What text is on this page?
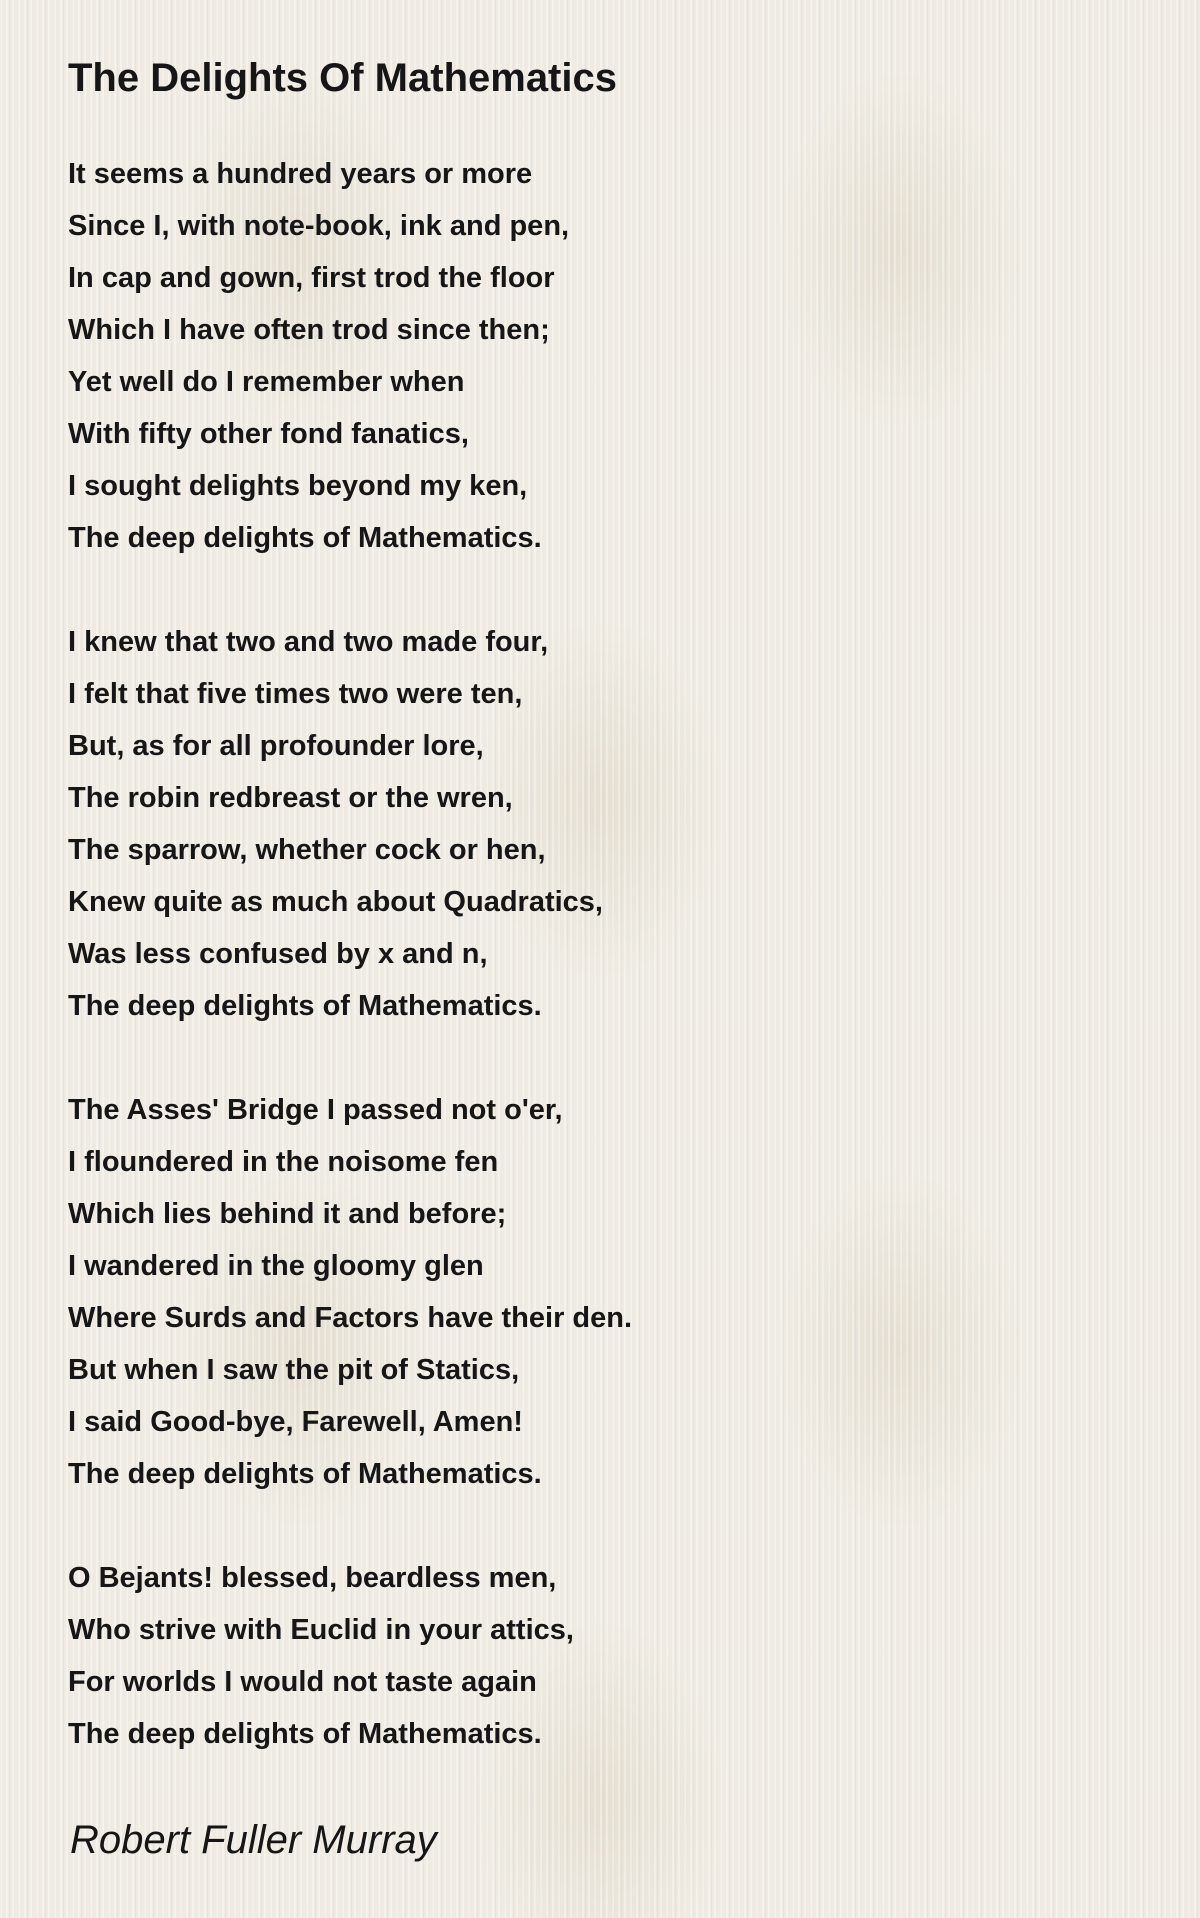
The Delights Of Mathematics
It seems a hundred years or more
Since I, with note-book, ink and pen,
In cap and gown, first trod the floor
Which I have often trod since then;
Yet well do I remember when
With fifty other fond fanatics,
I sought delights beyond my ken,
The deep delights of Mathematics.
I knew that two and two made four,
I felt that five times two were ten,
But, as for all profounder lore,
The robin redbreast or the wren,
The sparrow, whether cock or hen,
Knew quite as much about Quadratics,
Was less confused by x and n,
The deep delights of Mathematics.
The Asses' Bridge I passed not o'er,
I floundered in the noisome fen
Which lies behind it and before;
I wandered in the gloomy glen
Where Surds and Factors have their den.
But when I saw the pit of Statics,
I said Good-bye, Farewell, Amen!
The deep delights of Mathematics.
O Bejants! blessed, beardless men,
Who strive with Euclid in your attics,
For worlds I would not taste again
The deep delights of Mathematics.
Robert Fuller Murray
